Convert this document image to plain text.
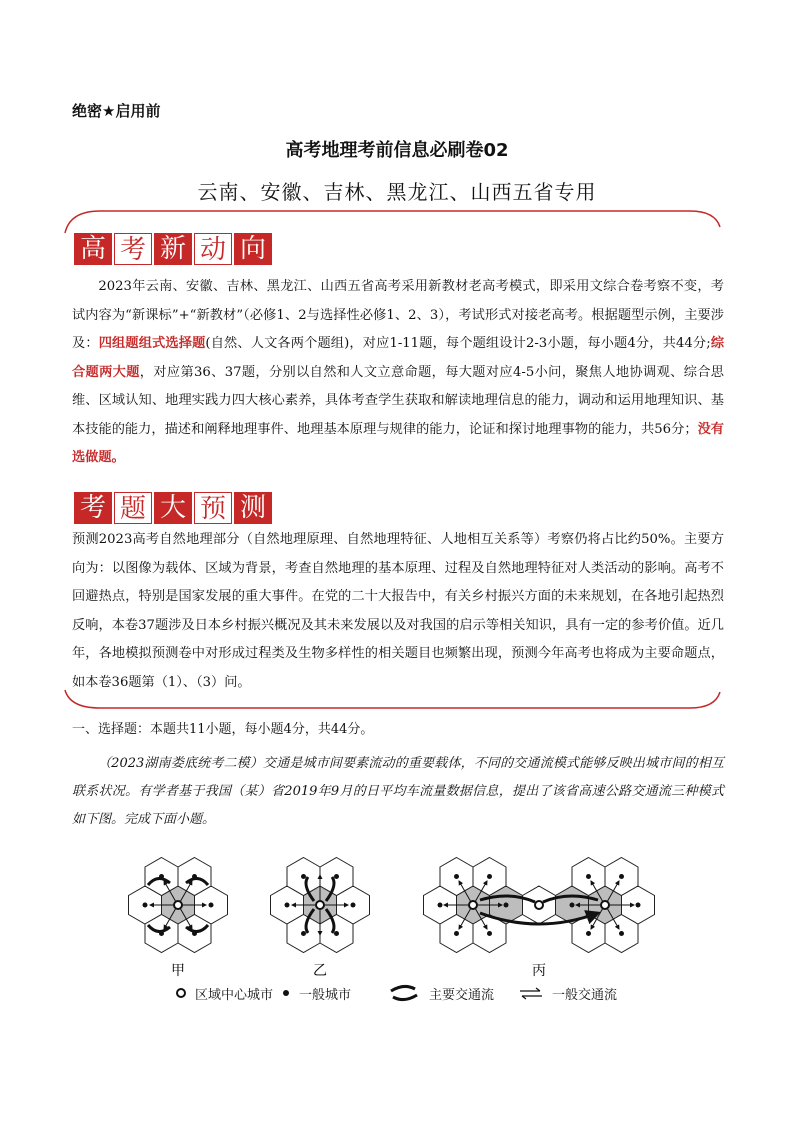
绝密★启用前
高考地理考前信息必刷卷02
云南、安徽、吉林、黑龙江、山西五省专用
高 考 新 动 向

2023年云南、安徽、吉林、黑龙江、山西五省高考采用新教材老高考模式，即采用文综合卷考察不变，考试内容为“新课标”+“新教材”（必修1、2与选择性必修1、2、3），考试形式对接老高考。根据题型示例，主要涉及：四组题组式选择题(自然、人文各两个题组)，对应1-11题，每个题组设计2-3小题，每小题4分，共44分;综合题两大题，对应第36、37题，分别以自然和人文立意命题，每大题对应4-5小问，聚焦人地协调观、综合思维、区域认知、地理实践力四大核心素养，具体考查学生获取和解读地理信息的能力，调动和运用地理知识、基本技能的能力，描述和阐释地理事件、地理基本原理与规律的能力，论证和探讨地理事物的能力，共56分；没有选做题。

考 题 大 预 测

预测2023高考自然地理部分（自然地理原理、自然地理特征、人地相互关系等）考察仍将占比约50%。主要方向为：以图像为载体、区域为背景，考查自然地理的基本原理、过程及自然地理特征对人类活动的影响。高考不回避热点，特别是国家发展的重大事件。在党的二十大报告中，有关乡村振兴方面的未来规划，在各地引起热烈反响，本卷37题涉及日本乡村振兴概况及其未来发展以及对我国的启示等相关知识，具有一定的参考价值。近几年，各地模拟预测卷中对形成过程类及生物多样性的相关题目也频繁出现，预测今年高考也将成为主要命题点，如本卷36题第（1）、（3）问。

一、选择题：本题共11小题，每小题4分，共44分。
（2023湖南娄底统考二模）交通是城市间要素流动的重要载体，不同的交通流模式能够反映出城市间的相互联系状况。有学者基于我国（某）省2019年9月的日平均车流量数据信息，提出了该省高速公路交通流三种模式如下图。完成下面小题。
甲	乙	丙
区域中心城市 一般城市	主要交通流	一般交通流
